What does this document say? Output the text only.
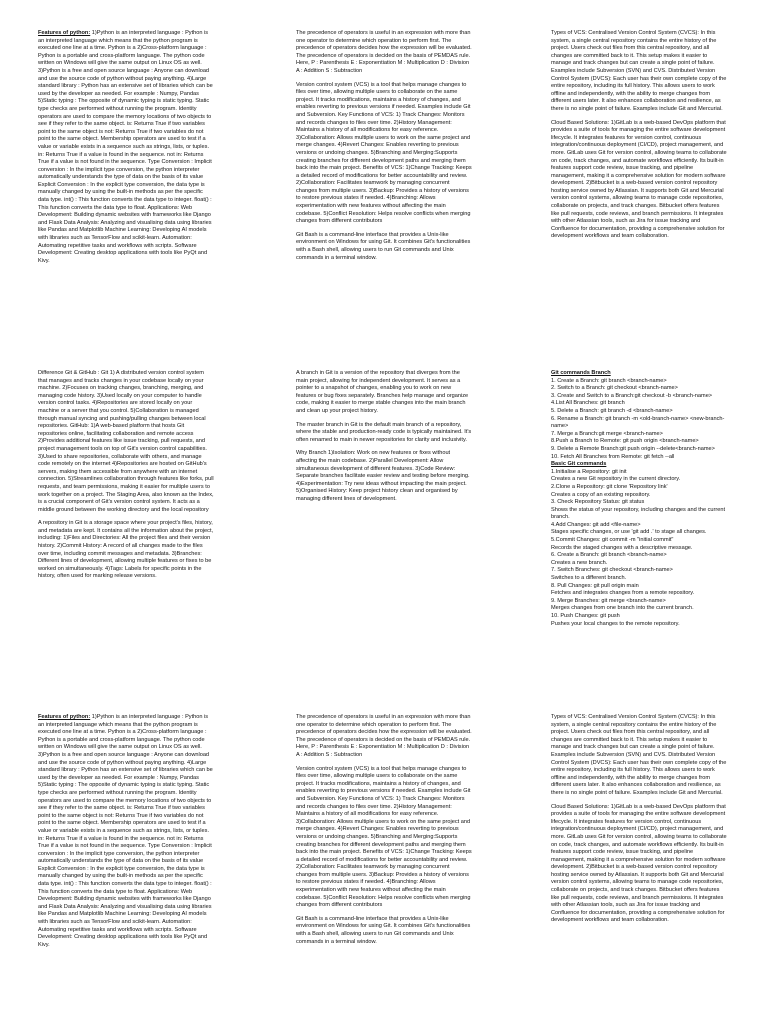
Features of python: 1)Python is an interpreted language : Python is an interpreted language which means that the python program is executed one line at a time. Python is a 2)Cross-platform language : Python is a portable and cross-platform language. The python code written on Windows will give the same output on Linux OS as well. 3)Python is a free and open source language : Anyone can download and use the source code of python without paying anything. 4)Large standard library : Python has an extensive set of libraries which can be used by the developer as needed. For example : Numpy, Pandas 5)Static typing : The opposite of dynamic typing is static typing. Static type checks are performed without running the program. Identity operators are used to compare the memory locations of two objects to see if they refer to the same object. is: Returns True if two variables point to the same object is not: Returns True if two variables do not point to the same object. Membership operators are used to test if a value or variable exists in a sequence such as strings, lists, or tuples. in: Returns True if a value is found in the sequence. not in: Returns True if a value is not found in the sequence. Type Conversion : Implicit conversion : In the implicit type conversion, the python interpreter automatically understands the type of data on the basis of its value Explicit Conversion : In the explicit type conversion, the data type is manually changed by using the built-in methods as per the specific data type. int() : This function converts the data type to integer. float() : This function converts the data type to float. Applications: Web Development: Building dynamic websites with frameworks like Django and Flask Data Analysis: Analyzing and visualising data using libraries like Pandas and Matplotlib Machine Learning: Developing AI models with libraries such as TensorFlow and scikit-learn. Automation: Automating repetitive tasks and workflows with scripts. Software Development: Creating desktop applications with tools like PyQt and Kivy.

The precedence of operators is useful in an expression with more than one operator to determine which operation to perform first. The precedence of operators decides how the expression will be evaluated. The precedence of operators is decided on the basis of PEMDAS rule. Here, P : Parenthesis E : Exponentiation M : Multiplication D : Division A : Addition S : Subtraction

Version control system (VCS) is a tool that helps manage changes to files over time, allowing multiple users to collaborate on the same project. It tracks modifications, maintains a history of changes, and enables reverting to previous versions if needed. Examples include Git and Subversion. Key Functions of VCS: 1) Track Changes: Monitors and records changes to files over time. 2)History Management: Maintains a history of all modifications for easy reference. 3)Collaboration: Allows multiple users to work on the same project and merge changes. 4)Revert Changes: Enables reverting to previous versions or undoing changes. 5)Branching and Merging:Supports creating branches for different development paths and merging them back into the main project. Benefits of VCS: 1)Change Tracking: Keeps a detailed record of modifications for better accountability and review. 2)Collaboration: Facilitates teamwork by managing concurrent changes from multiple users. 3)Backup: Provides a history of versions to restore previous states if needed. 4)Branching: Allows experimentation with new features without affecting the main codebase. 5)Conflict Resolution: Helps resolve conflicts when merging changes from different contributors

Git Bash is a command-line interface that provides a Unix-like environment on Windows for using Git. It combines Git's functionalities with a Bash shell, allowing users to run Git commands and Unix commands in a terminal window.

Types of VCS: Centralised Version Control System (CVCS): In this system, a single central repository contains the entire history of the project. Users check out files from this central repository, and all changes are committed back to it. This setup makes it easier to manage and track changes but can create a single point of failure. Examples include Subversion (SVN) and CVS. Distributed Version Control System (DVCS): Each user has their own complete copy of the entire repository, including its full history. This allows users to work offline and independently, with the ability to merge changes from different users later. It also enhances collaboration and resilience, as there is no single point of failure. Examples include Git and Mercurial.

Cloud Based Solutions: 1)GitLab is a web-based DevOps platform that provides a suite of tools for managing the entire software development lifecycle. It integrates features for version control, continuous integration/continuous deployment (CI/CD), project management, and more. GitLab uses Git for version control, allowing teams to collaborate on code, track changes, and automate workflows efficiently. Its built-in features support code review, issue tracking, and pipeline management, making it a comprehensive solution for modern software development. 2)Bitbucket is a web-based version control repository hosting service owned by Atlassian. It supports both Git and Mercurial version control systems, allowing teams to manage code repositories, collaborate on projects, and track changes. Bitbucket offers features like pull requests, code reviews, and branch permissions. It integrates with other Atlassian tools, such as Jira for issue tracking and Confluence for documentation, providing a comprehensive solution for development workflows and team collaboration.

Difference Git & GitHub : Git 1) A distributed version control system that manages and tracks changes in your codebase locally on your machine. 2)Focuses on tracking changes, branching, merging, and managing code history. 3)Used locally on your computer to handle version control tasks. 4)Repositories are stored locally on your machine or a server that you control. 5)Collaboration is managed through manual syncing and pushing/pulling changes between local repositories. GitHub: 1)A web-based platform that hosts Git repositories online, facilitating collaboration and remote access 2)Provides additional features like issue tracking, pull requests, and project management tools on top of Git's version control capabilities. 3)Used to share repositories, collaborate with others, and manage code remotely on the internet 4)Repositories are hosted on GitHub's servers, making them accessible from anywhere with an internet connection. 5)Streamlines collaboration through features like forks, pull requests, and team permissions, making it easier for multiple users to work together on a project. The Staging Area, also known as the Index, is a crucial component of Git's version control system. It acts as a middle ground between the working directory and the local repository

A repository in Git is a storage space where your project's files, history, and metadata are kept. It contains all the information about the project, including: 1)Files and Directories: All the project files and their version history. 2)Commit History: A record of all changes made to the files over time, including commit messages and metadata. 3)Branches: Different lines of development, allowing multiple features or fixes to be worked on simultaneously. 4)Tags: Labels for specific points in the history, often used for marking release versions.

A branch in Git is a version of the repository that diverges from the main project, allowing for independent development. It serves as a pointer to a snapshot of changes, enabling you to work on new features or bug fixes separately. Branches help manage and organize code, making it easier to merge stable changes into the main branch and clean up your project history.

The master branch in Git is the default main branch of a repository, where the stable and production-ready code is typically maintained. It's often renamed to main in newer repositories for clarity and inclusivity.

Why Branch 1)Isolation: Work on new features or fixes without affecting the main codebase. 2)Parallel Development: Allow simultaneous development of different features. 3)Code Review: Separate branches facilitate easier review and testing before merging. 4)Experimentation: Try new ideas without impacting the main project. 5)Organised History: Keep project history clean and organised by managing different lines of development.

Git commands Branch
1. Create a Branch: git branch <branch-name>
2. Switch to a Branch: git checkout <branch-name>
3. Create and Switch to a Branch:git checkout -b <branch-name>
4.List All Branches: git branch
5. Delete a Branch: git branch -d <branch-name>
6. Rename a Branch: git branch -m <old-branch-name> <new-branch-name>
7. Merge a Branch:git merge <branch-name>
8.Push a Branch to Remote: git push origin <branch-name>
9. Delete a Remote Branch:git push origin --delete<branch-name>
10. Fetch All Branches from Remote: git fetch --all
Basic Git commands
1.Initialise a Repository: git init
Creates a new Git repository in the current directory.
2.Clone a Repository: git clone 'Repository link'
Creates a copy of an existing repository.
3. Check Repository Status: git status
Shows the status of your repository, including changes and the current branch.
4.Add Changes: git add <file-name>
Stages specific changes, or use 'git add .' to stage all changes.
5.Commit Changes: git commit -m "initial commit"
Records the staged changes with a descriptive message.
6. Create a Branch: git branch <branch-name>
Creates a new branch.
7. Switch Branches: git checkout <branch-name>
Switches to a different branch.
8. Pull Changes: git pull origin main
Fetches and integrates changes from a remote repository.
9. Merge Branches: git merge <branch-name>
Merges changes from one branch into the current branch.
10. Push Changes: git push
Pushes your local changes to the remote repository.

Features of python: 1)Python is an interpreted language : Python is an interpreted language which means that the python program is executed one line at a time. Python is a 2)Cross-platform language : Python is a portable and cross-platform language. The python code written on Windows will give the same output on Linux OS as well. 3)Python is a free and open source language : Anyone can download and use the source code of python without paying anything. 4)Large standard library : Python has an extensive set of libraries which can be used by the developer as needed. For example : Numpy, Pandas 5)Static typing : The opposite of dynamic typing is static typing. Static type checks are performed without running the program. Identity operators are used to compare the memory locations of two objects to see if they refer to the same object. is: Returns True if two variables point to the same object is not: Returns True if two variables do not point to the same object. Membership operators are used to test if a value or variable exists in a sequence such as strings, lists, or tuples. in: Returns True if a value is found in the sequence. not in: Returns True if a value is not found in the sequence. Type Conversion : Implicit conversion : In the implicit type conversion, the python interpreter automatically understands the type of data on the basis of its value Explicit Conversion : In the explicit type conversion, the data type is manually changed by using the built-in methods as per the specific data type. int() : This function converts the data type to integer. float() : This function converts the data type to float. Applications: Web Development: Building dynamic websites with frameworks like Django and Flask Data Analysis: Analyzing and visualising data using libraries like Pandas and Matplotlib Machine Learning: Developing AI models with libraries such as TensorFlow and scikit-learn. Automation: Automating repetitive tasks and workflows with scripts. Software Development: Creating desktop applications with tools like PyQt and Kivy.

The precedence of operators is useful in an expression with more than one operator to determine which operation to perform first. The precedence of operators decides how the expression will be evaluated. The precedence of operators is decided on the basis of PEMDAS rule. Here, P : Parenthesis E : Exponentiation M : Multiplication D : Division A : Addition S : Subtraction

Version control system (VCS) is a tool that helps manage changes to files over time, allowing multiple users to collaborate on the same project. It tracks modifications, maintains a history of changes, and enables reverting to previous versions if needed. Examples include Git and Subversion. Key Functions of VCS: 1) Track Changes: Monitors and records changes to files over time. 2)History Management: Maintains a history of all modifications for easy reference. 3)Collaboration: Allows multiple users to work on the same project and merge changes. 4)Revert Changes: Enables reverting to previous versions or undoing changes. 5)Branching and Merging:Supports creating branches for different development paths and merging them back into the main project. Benefits of VCS: 1)Change Tracking: Keeps a detailed record of modifications for better accountability and review. 2)Collaboration: Facilitates teamwork by managing concurrent changes from multiple users. 3)Backup: Provides a history of versions to restore previous states if needed. 4)Branching: Allows experimentation with new features without affecting the main codebase. 5)Conflict Resolution: Helps resolve conflicts when merging changes from different contributors

Git Bash is a command-line interface that provides a Unix-like environment on Windows for using Git. It combines Git's functionalities with a Bash shell, allowing users to run Git commands and Unix commands in a terminal window.

Types of VCS: Centralised Version Control System (CVCS): In this system, a single central repository contains the entire history of the project. Users check out files from this central repository, and all changes are committed back to it. This setup makes it easier to manage and track changes but can create a single point of failure. Examples include Subversion (SVN) and CVS. Distributed Version Control System (DVCS): Each user has their own complete copy of the entire repository, including its full history. This allows users to work offline and independently, with the ability to merge changes from different users later. It also enhances collaboration and resilience, as there is no single point of failure. Examples include Git and Mercurial.

Cloud Based Solutions: 1)GitLab is a web-based DevOps platform that provides a suite of tools for managing the entire software development lifecycle. It integrates features for version control, continuous integration/continuous deployment (CI/CD), project management, and more. GitLab uses Git for version control, allowing teams to collaborate on code, track changes, and automate workflows efficiently. Its built-in features support code review, issue tracking, and pipeline management, making it a comprehensive solution for modern software development. 2)Bitbucket is a web-based version control repository hosting service owned by Atlassian. It supports both Git and Mercurial version control systems, allowing teams to manage code repositories, collaborate on projects, and track changes. Bitbucket offers features like pull requests, code reviews, and branch permissions. It integrates with other Atlassian tools, such as Jira for issue tracking and Confluence for documentation, providing a comprehensive solution for development workflows and team collaboration.
